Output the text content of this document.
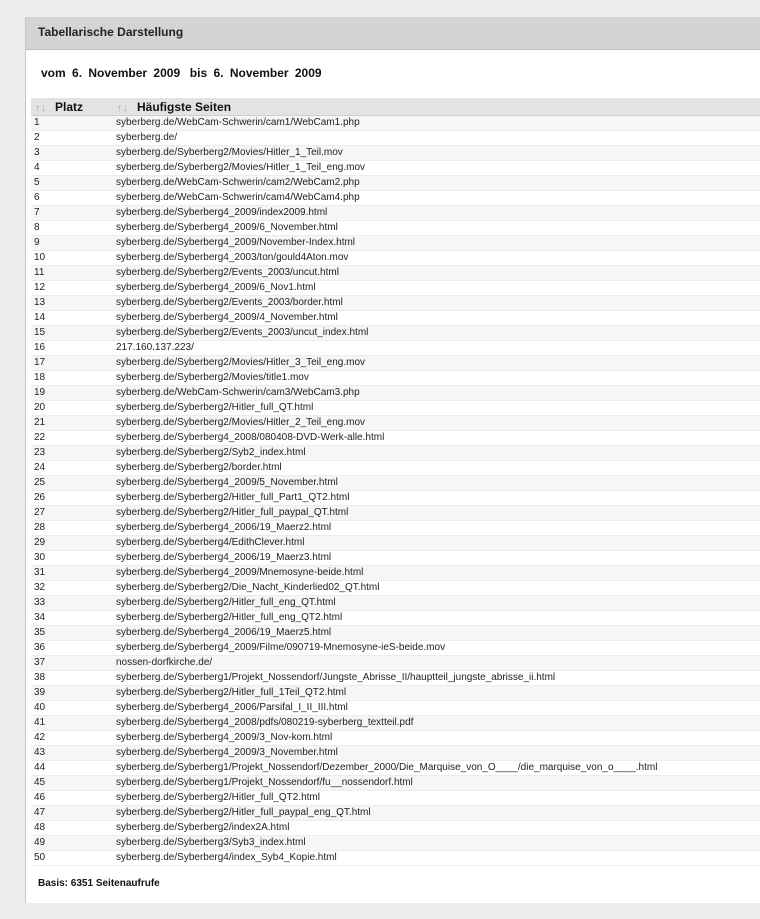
Tabellarische Darstellung
vom 6. November 2009 bis 6. November 2009
↑↓ Platz	↑↓ Häufigste Seiten
1	syberberg.de/WebCam-Schwerin/cam1/WebCam1.php
2	syberberg.de/
3	syberberg.de/Syberberg2/Movies/Hitler_1_Teil.mov
4	syberberg.de/Syberberg2/Movies/Hitler_1_Teil_eng.mov
5	syberberg.de/WebCam-Schwerin/cam2/WebCam2.php
6	syberberg.de/WebCam-Schwerin/cam4/WebCam4.php
7	syberberg.de/Syberberg4_2009/index2009.html
8	syberberg.de/Syberberg4_2009/6_November.html
9	syberberg.de/Syberberg4_2009/November-Index.html
10	syberberg.de/Syberberg4_2003/ton/gould4Aton.mov
11	syberberg.de/Syberberg2/Events_2003/uncut.html
12	syberberg.de/Syberberg4_2009/6_Nov1.html
13	syberberg.de/Syberberg2/Events_2003/border.html
14	syberberg.de/Syberberg4_2009/4_November.html
15	syberberg.de/Syberberg2/Events_2003/uncut_index.html
16	217.160.137.223/
17	syberberg.de/Syberberg2/Movies/Hitler_3_Teil_eng.mov
18	syberberg.de/Syberberg2/Movies/title1.mov
19	syberberg.de/WebCam-Schwerin/cam3/WebCam3.php
20	syberberg.de/Syberberg2/Hitler_full_QT.html
21	syberberg.de/Syberberg2/Movies/Hitler_2_Teil_eng.mov
22	syberberg.de/Syberberg4_2008/080408-DVD-Werk-alle.html
23	syberberg.de/Syberberg2/Syb2_index.html
24	syberberg.de/Syberberg2/border.html
25	syberberg.de/Syberberg4_2009/5_November.html
26	syberberg.de/Syberberg2/Hitler_full_Part1_QT2.html
27	syberberg.de/Syberberg2/Hitler_full_paypal_QT.html
28	syberberg.de/Syberberg4_2006/19_Maerz2.html
29	syberberg.de/Syberberg4/EdithClever.html
30	syberberg.de/Syberberg4_2006/19_Maerz3.html
31	syberberg.de/Syberberg4_2009/Mnemosyne-beide.html
32	syberberg.de/Syberberg2/Die_Nacht_Kinderlied02_QT.html
33	syberberg.de/Syberberg2/Hitler_full_eng_QT.html
34	syberberg.de/Syberberg2/Hitler_full_eng_QT2.html
35	syberberg.de/Syberberg4_2006/19_Maerz5.html
36	syberberg.de/Syberberg4_2009/Filme/090719-Mnemosyne-ieS-beide.mov
37	nossen-dorfkirche.de/
38	syberberg.de/Syberberg1/Projekt_Nossendorf/Jungste_Abrisse_II/hauptteil_jungste_abrisse_ii.html
39	syberberg.de/Syberberg2/Hitler_full_1Teil_QT2.html
40	syberberg.de/Syberberg4_2006/Parsifal_I_II_III.html
41	syberberg.de/Syberberg4_2008/pdfs/080219-syberberg_textteil.pdf
42	syberberg.de/Syberberg4_2009/3_Nov-kom.html
43	syberberg.de/Syberberg4_2009/3_November.html
44	syberberg.de/Syberberg1/Projekt_Nossendorf/Dezember_2000/Die_Marquise_von_O____/die_marquise_von_o____.html
45	syberberg.de/Syberberg1/Projekt_Nossendorf/fu__nossendorf.html
46	syberberg.de/Syberberg2/Hitler_full_QT2.html
47	syberberg.de/Syberberg2/Hitler_full_paypal_eng_QT.html
48	syberberg.de/Syberberg2/index2A.html
49	syberberg.de/Syberberg3/Syb3_index.html
50	syberberg.de/Syberberg4/index_Syb4_Kopie.html
Basis: 6351 Seitenaufrufe
